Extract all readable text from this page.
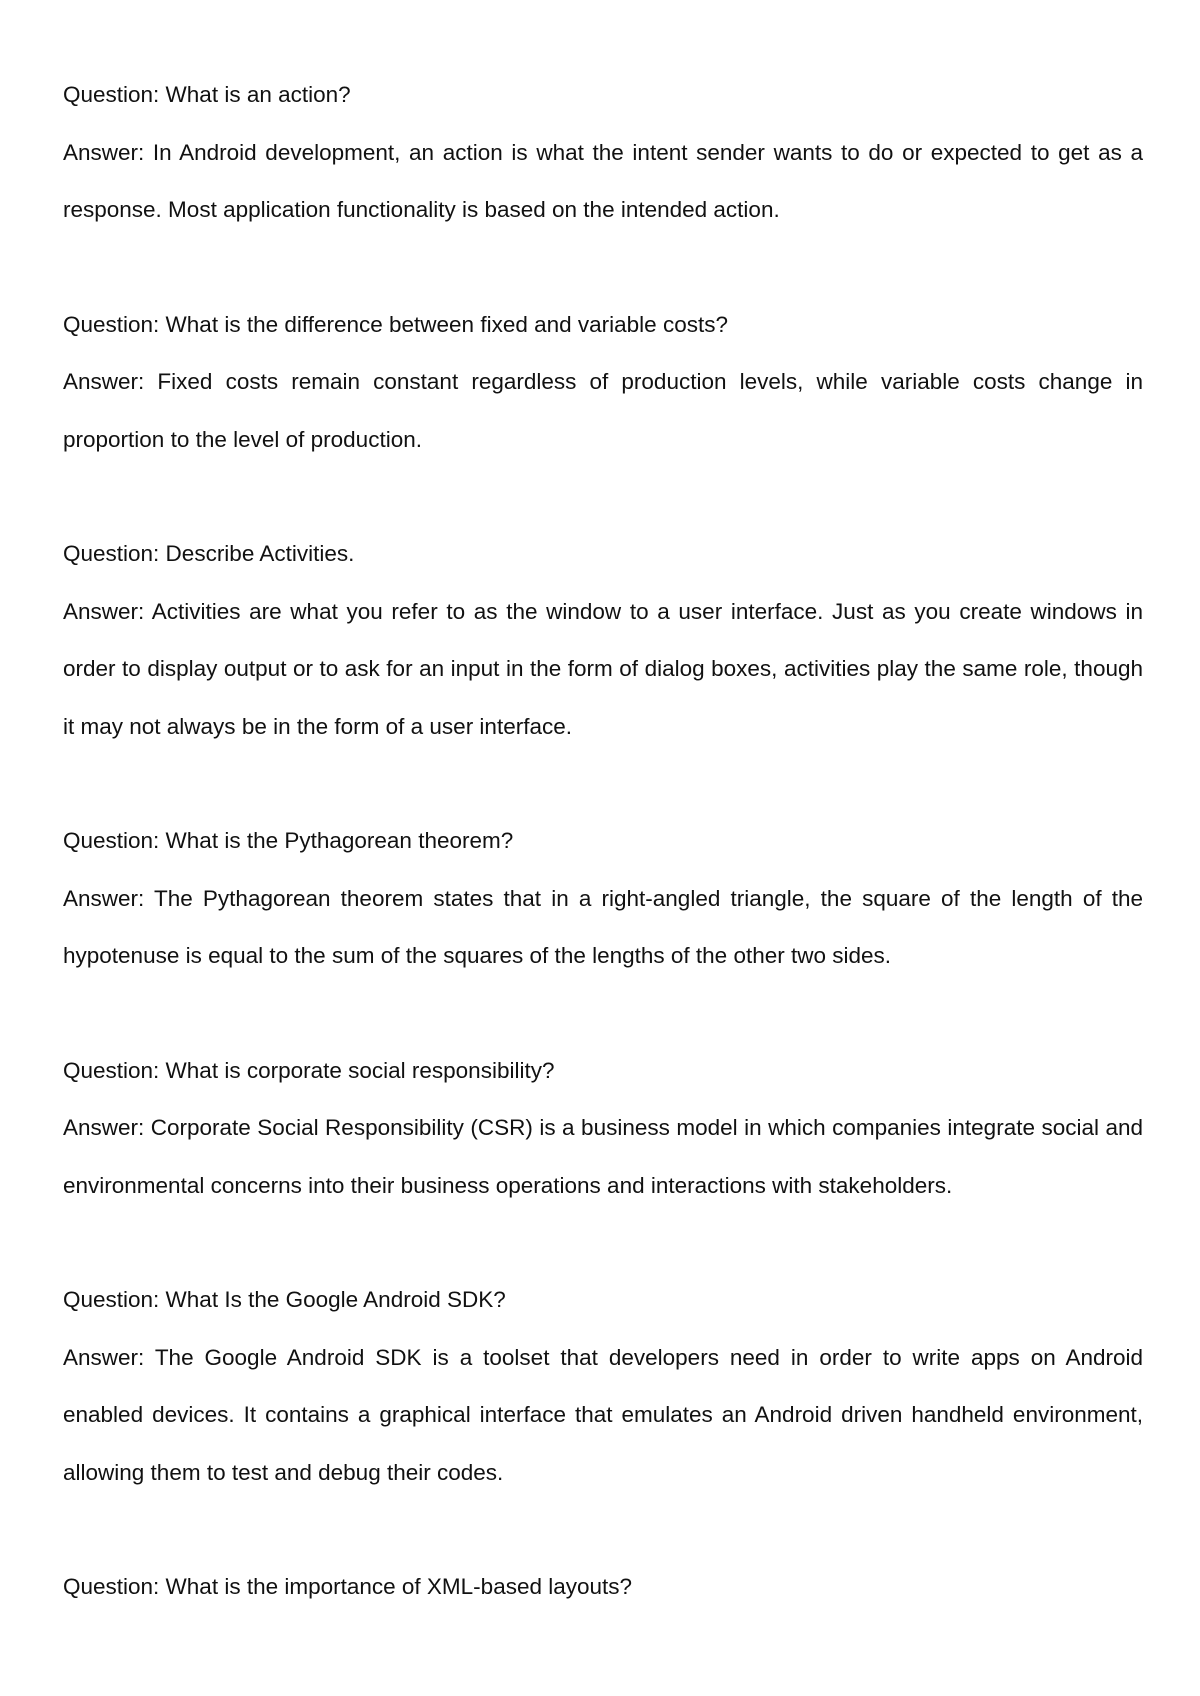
Question: What is an action?

Answer: In Android development, an action is what the intent sender wants to do or expected to get as a response. Most application functionality is based on the intended action.

Question: What is the difference between fixed and variable costs?

Answer: Fixed costs remain constant regardless of production levels, while variable costs change in proportion to the level of production.

Question: Describe Activities.

Answer: Activities are what you refer to as the window to a user interface. Just as you create windows in order to display output or to ask for an input in the form of dialog boxes, activities play the same role, though it may not always be in the form of a user interface.

Question: What is the Pythagorean theorem?

Answer: The Pythagorean theorem states that in a right-angled triangle, the square of the length of the hypotenuse is equal to the sum of the squares of the lengths of the other two sides.

Question: What is corporate social responsibility?

Answer: Corporate Social Responsibility (CSR) is a business model in which companies integrate social and environmental concerns into their business operations and interactions with stakeholders.

Question: What Is the Google Android SDK?

Answer: The Google Android SDK is a toolset that developers need in order to write apps on Android enabled devices. It contains a graphical interface that emulates an Android driven handheld environment, allowing them to test and debug their codes.

Question: What is the importance of XML-based layouts?
